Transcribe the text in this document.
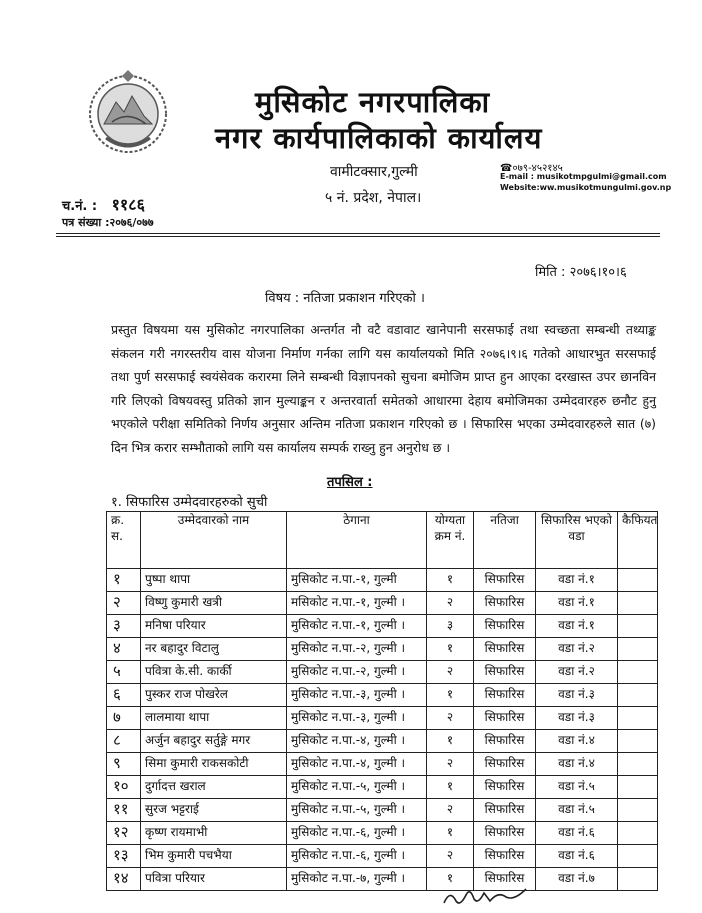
मुसिकोट नगरपालिका
नगर कार्यपालिकाको कार्यालय
वामीटक्सार,गुल्मी
५ नं. प्रदेश, नेपाल।
☎०७९-४५२१४५
E-mail : musikotmpgulmi@gmail.com
Website:ww.musikotmungulmi.gov.np
च.नं. : ११८६
पत्र संख्या :२०७६/०७७
मिति : २०७६।१०।६
विषय : नतिजा प्रकाशन गरिएको ।
प्रस्तुत विषयमा यस मुसिकोट नगरपालिका अन्तर्गत नौ वटै वडावाट खानेपानी सरसफाई तथा स्वच्छता सम्बन्धी तथ्याङ्क संकलन गरी नगरस्तरीय वास योजना निर्माण गर्नका लागि यस कार्यालयको मिति २०७६।९।६ गतेको आधारभुत सरसफाई तथा पुर्ण सरसफाई स्वयंसेवक करारमा लिने सम्बन्धी विज्ञापनको सुचना बमोजिम प्राप्त हुन आएका दरखास्त उपर छानविन गरि लिएको विषयवस्तु प्रतिको ज्ञान मुल्याङ्कन र अन्तरवार्ता समेतको आधारमा देहाय बमोजिमका उम्मेदवारहरु छनौट हुनु भएकोले परीक्षा समितिको निर्णय अनुसार अन्तिम नतिजा प्रकाशन गरिएको छ । सिफारिस भएका उम्मेदवारहरुले सात (७) दिन भित्र करार सम्भौताको लागि यस कार्यालय सम्पर्क राख्नु हुन अनुरोध छ ।
तपसिल :
१. सिफारिस उम्मेदवारहरुको सुची
क्र. स.	उम्मेदवारको नाम	ठेगाना	योग्यता क्रम नं.	नतिजा	सिफारिस भएको वडा	कैफियत
१	पुष्पा थापा	मुसिकोट न.पा.-१, गुल्मी	१	सिफारिस	वडा नं.१	
२	विष्णु कुमारी खत्री	मसिकोट न.पा.-१, गुल्मी ।	२	सिफारिस	वडा नं.१	
३	मनिषा परियार	मुसिकोट न.पा.-१, गुल्मी ।	३	सिफारिस	वडा नं.१	
४	नर बहादुर विटालु	मुसिकोट न.पा.-२, गुल्मी ।	१	सिफारिस	वडा नं.२	
५	पवित्रा के.सी. कार्की	मुसिकोट न.पा.-२, गुल्मी ।	२	सिफारिस	वडा नं.२	
६	पुस्कर राज पोखरेल	मुसिकोट न.पा.-३, गुल्मी ।	१	सिफारिस	वडा नं.३	
७	लालमाया थापा	मुसिकोट न.पा.-३, गुल्मी ।	२	सिफारिस	वडा नं.३	
८	अर्जुन बहादुर सर्तुङ्गे मगर	मुसिकोट न.पा.-४, गुल्मी ।	१	सिफारिस	वडा नं.४	
९	सिमा कुमारी राकसकोटी	मुसिकोट न.पा.-४, गुल्मी ।	२	सिफारिस	वडा नं.४	
१०	दुर्गादत्त खराल	मुसिकोट न.पा.-५, गुल्मी ।	१	सिफारिस	वडा नं.५	
११	सुरज भट्टराई	मुसिकोट न.पा.-५, गुल्मी ।	२	सिफारिस	वडा नं.५	
१२	कृष्ण रायमाभी	मुसिकोट न.पा.-६, गुल्मी ।	१	सिफारिस	वडा नं.६	
१३	भिम कुमारी पचभैया	मुसिकोट न.पा.-६, गुल्मी ।	२	सिफारिस	वडा नं.६	
१४	पवित्रा परियार	मुसिकोट न.पा.-७, गुल्मी ।	१	सिफारिस	वडा नं.७	
